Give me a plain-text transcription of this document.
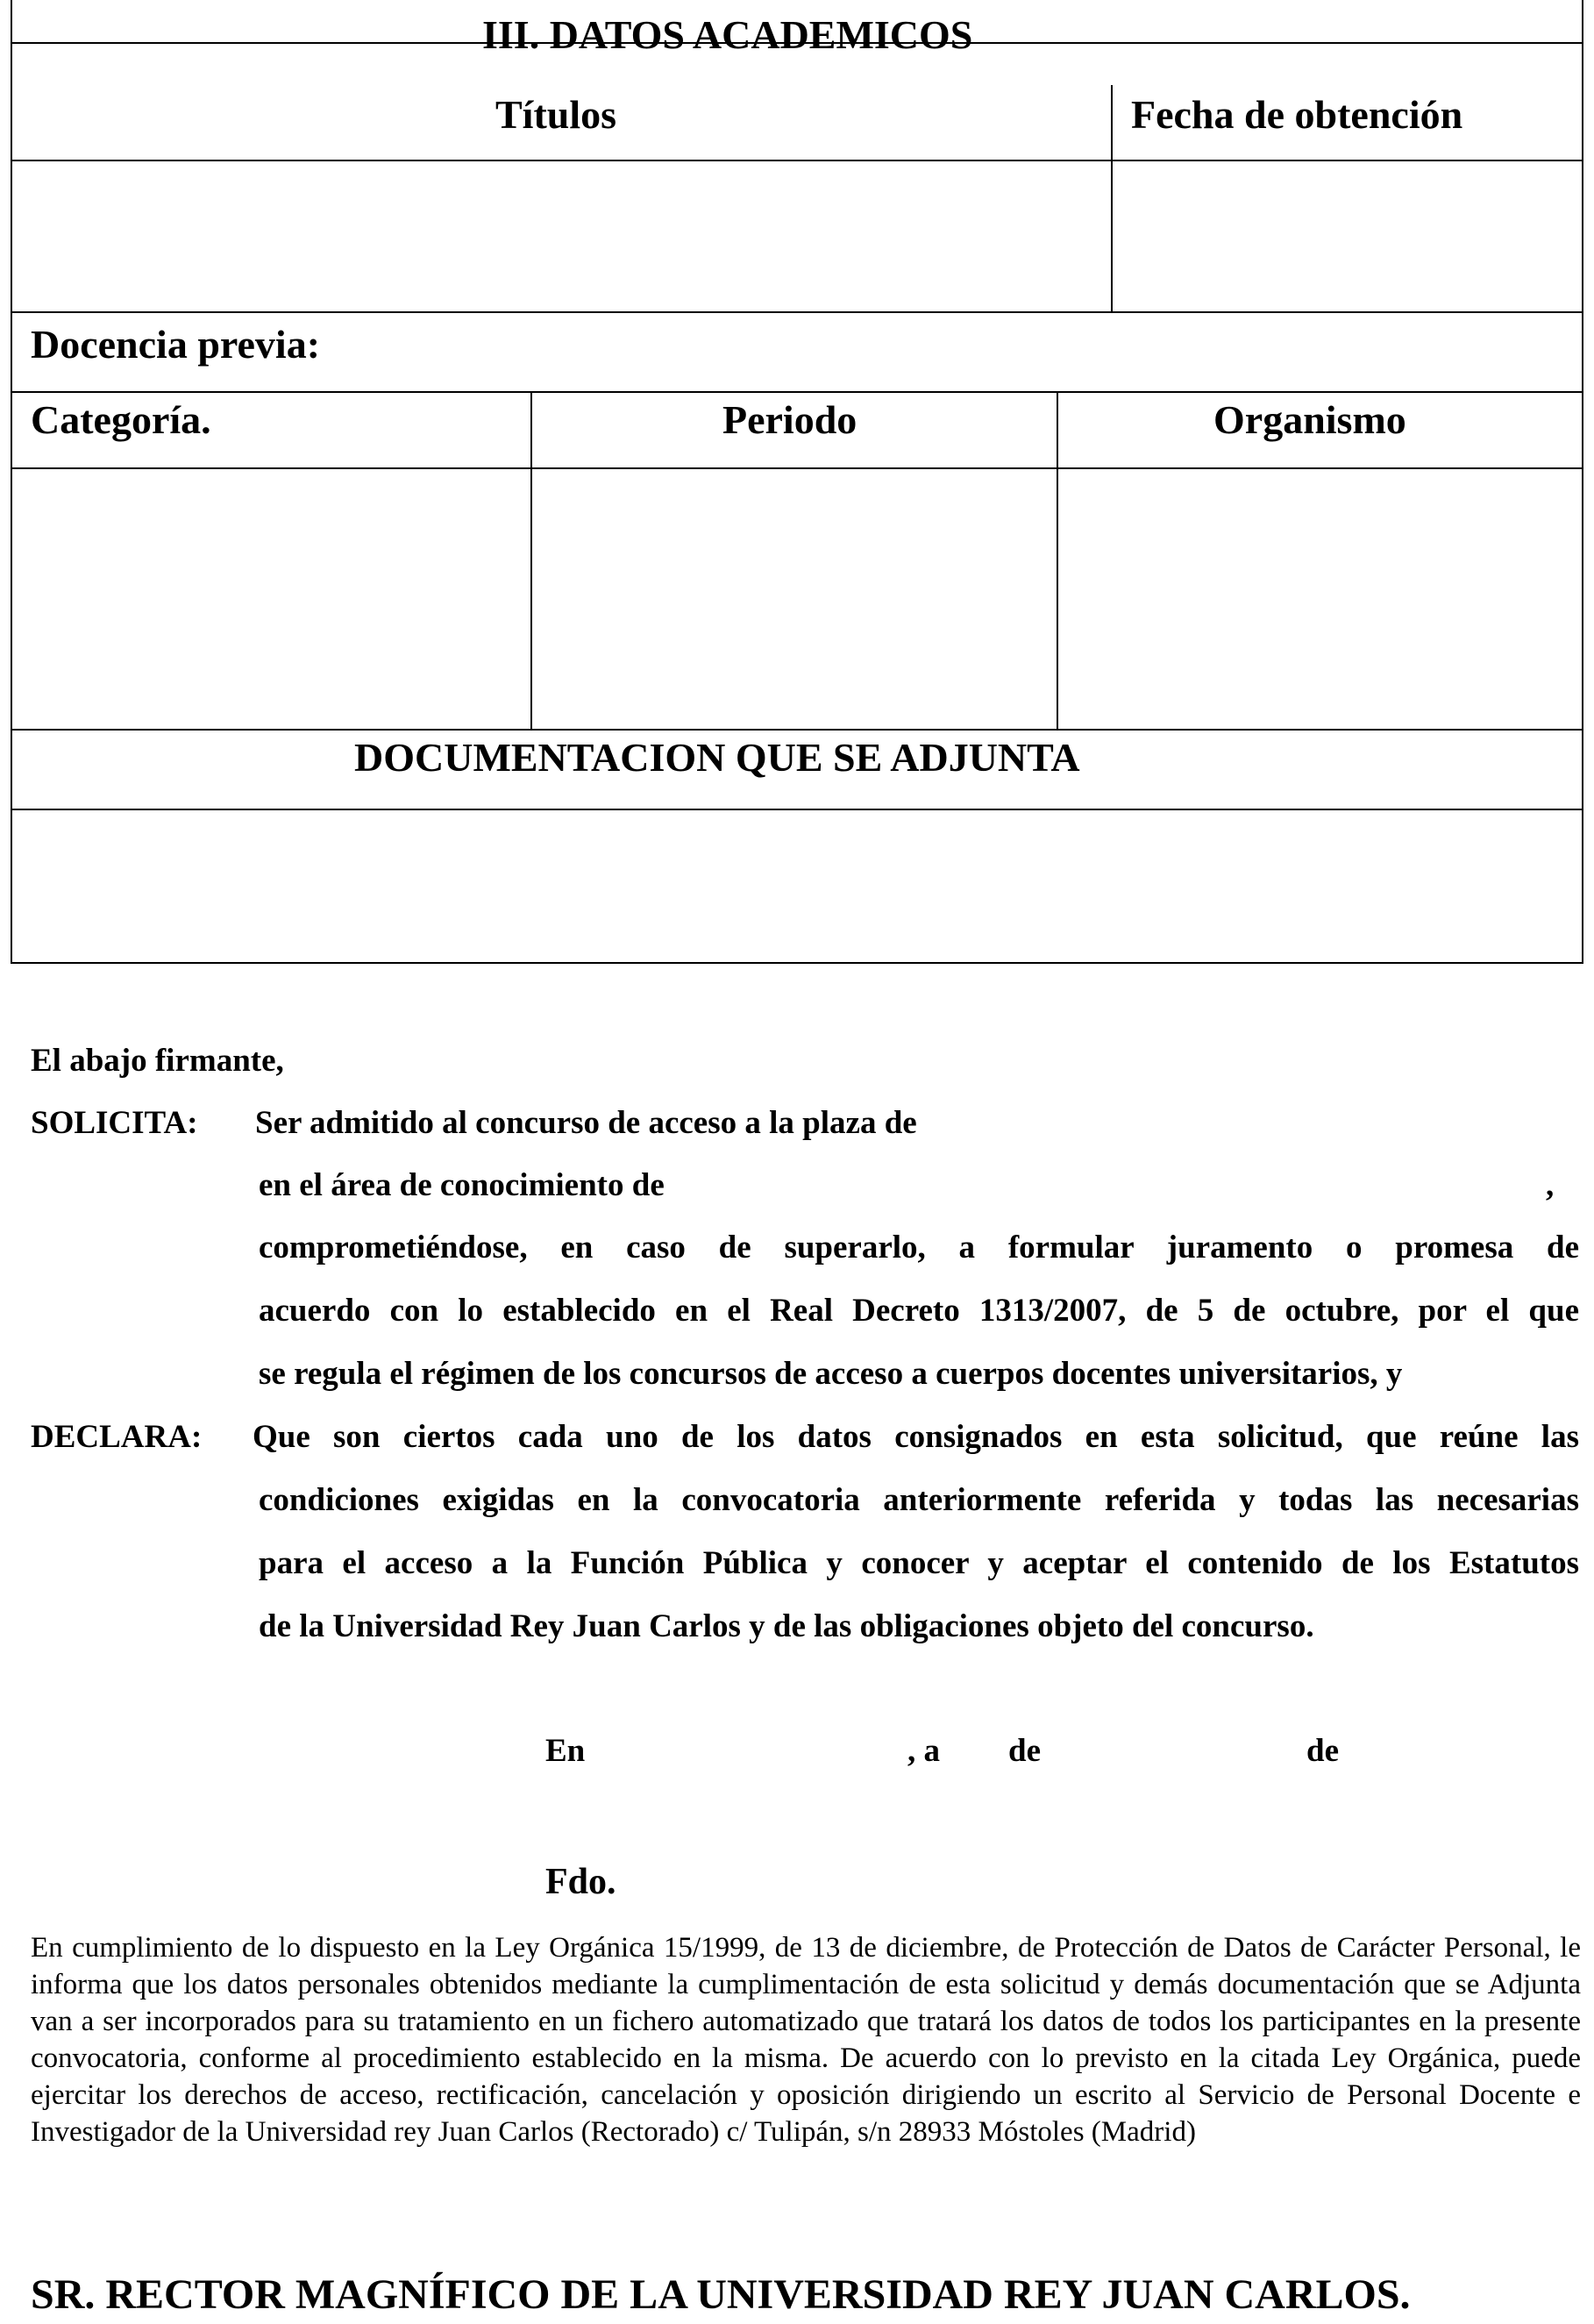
III. DATOS ACADEMICOS
Títulos	Fecha de obtención
Docencia previa:
Categoría.	Periodo	Organismo
DOCUMENTACION QUE SE ADJUNTA
El abajo firmante,
SOLICITA: Ser admitido al concurso de acceso a la plaza de
en el área de conocimiento de	,
comprometiéndose, en caso de superarlo, a formular juramento o promesa de
acuerdo con lo establecido en el Real Decreto 1313/2007, de 5 de octubre, por el que
se regula el régimen de los concursos de acceso a cuerpos docentes universitarios, y
DECLARA: Que son ciertos cada uno de los datos consignados en esta solicitud, que reúne las
condiciones exigidas en la convocatoria anteriormente referida y todas las necesarias
para el acceso a la Función Pública y conocer y aceptar el contenido de los Estatutos
de la Universidad Rey Juan Carlos y de las obligaciones objeto del concurso.
En	, a de	de
Fdo.
En cumplimiento de lo dispuesto en la Ley Orgánica 15/1999, de 13 de diciembre, de Protección de Datos de Carácter Personal, le informa que los datos personales obtenidos mediante la cumplimentación de esta solicitud y demás documentación que se Adjunta van a ser incorporados para su tratamiento en un fichero automatizado que tratará los datos de todos los participantes en la presente convocatoria, conforme al procedimiento establecido en la misma. De acuerdo con lo previsto en la citada Ley Orgánica, puede ejercitar los derechos de acceso, rectificación, cancelación y oposición dirigiendo un escrito al Servicio de Personal Docente e Investigador de la Universidad rey Juan Carlos (Rectorado) c/ Tulipán, s/n 28933 Móstoles (Madrid)
SR. RECTOR MAGNÍFICO DE LA UNIVERSIDAD REY JUAN CARLOS.
